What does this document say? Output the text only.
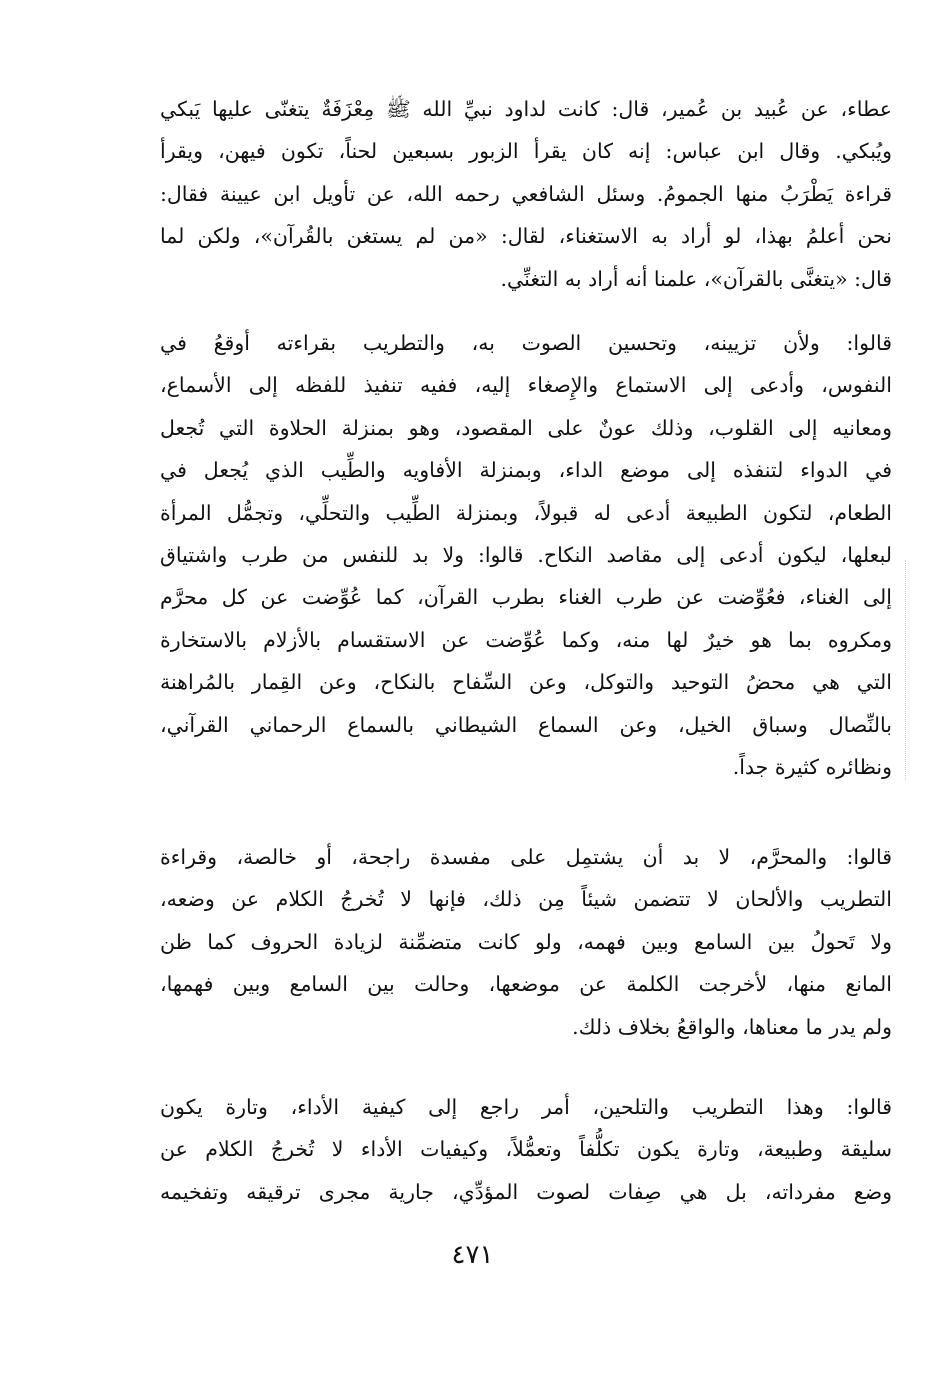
عطاء، عن عُبيد بن عُمير، قال: كانت لداود نبيِّ الله ﷺ مِعْزَفَةٌ يتغنّى عليها يَبكي
ويُبكي. وقال ابن عباس: إنه كان يقرأ الزبور بسبعين لحناً، تكون فيهن، ويقرأ
قراءة يَطْرَبُ منها الجمومُ. وسئل الشافعي رحمه الله، عن تأويل ابن عيينة فقال:
نحن أعلمُ بهذا، لو أراد به الاستغناء، لقال: «من لم يستغن بالقُرآن»، ولكن لما
قال: «يتغنَّى بالقرآن»، علمنا أنه أراد به التغنِّي.
قالوا: ولأن تزيينه، وتحسين الصوت به، والتطريب بقراءته أوقعُ في
النفوس، وأدعى إلى الاستماع والإِصغاء إليه، ففيه تنفيذ للفظه إلى الأسماع،
ومعانيه إلى القلوب، وذلك عونٌ على المقصود، وهو بمنزلة الحلاوة التي تُجعل
في الدواء لتنفذه إلى موضع الداء، وبمنزلة الأفاويه والطِّيب الذي يُجعل في
الطعام، لتكون الطبيعة أدعى له قبولاً، وبمنزلة الطِّيب والتحلِّي، وتجمُّل المرأة
لبعلها، ليكون أدعى إلى مقاصد النكاح. قالوا: ولا بد للنفس من طرب واشتياق
إلى الغناء، فعُوِّضت عن طرب الغناء بطرب القرآن، كما عُوِّضت عن كل محرَّم
ومكروه بما هو خيرٌ لها منه، وكما عُوِّضت عن الاستقسام بالأزلام بالاستخارة
التي هي محضُ التوحيد والتوكل، وعن السِّفاح بالنكاح، وعن القِمار بالمُراهنة
بالنِّصال وسباق الخيل، وعن السماع الشيطاني بالسماع الرحماني القرآني،
ونظائره كثيرة جداً.
قالوا: والمحرَّم، لا بد أن يشتمِل على مفسدة راجحة، أو خالصة، وقراءة
التطريب والألحان لا تتضمن شيئاً مِن ذلك، فإنها لا تُخرجُ الكلام عن وضعه،
ولا تَحولُ بين السامع وبين فهمه، ولو كانت متضمِّنة لزيادة الحروف كما ظن
المانع منها، لأخرجت الكلمة عن موضعها، وحالت بين السامع وبين فهمها،
ولم يدر ما معناها، والواقعُ بخلاف ذلك.
قالوا: وهذا التطريب والتلحين، أمر راجع إلى كيفية الأداء، وتارة يكون
سليقة وطبيعة، وتارة يكون تكلُّفاً وتعمُّلاً، وكيفيات الأداء لا تُخرجُ الكلام عن
وضع مفرداته، بل هي صِفات لصوت المؤدِّي، جارية مجرى ترقيقه وتفخيمه
٤٧١
